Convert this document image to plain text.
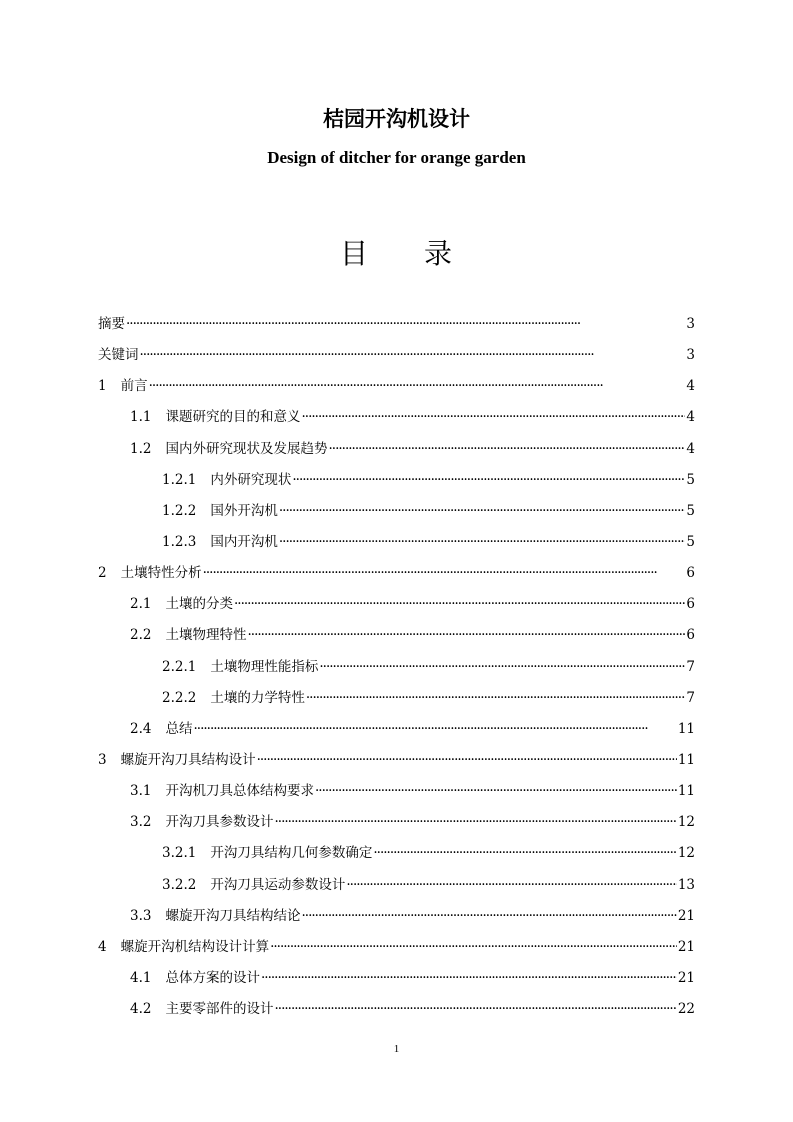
桔园开沟机设计
Design of ditcher for orange garden
目录
摘要 ·····	3
关键词 ·····	3
1 前言 ·····	4
1.1 课题研究的目的和意义 ·····	4
1.2 国内外研究现状及发展趋势 ·····	4
1.2.1 内外研究现状 ·····	5
1.2.2 国外开沟机 ·····	5
1.2.3 国内开沟机 ·····	5
2 土壤特性分析 ·····	6
2.1 土壤的分类 ·····	6
2.2 土壤物理特性 ·····	6
2.2.1 土壤物理性能指标 ·····	7
2.2.2 土壤的力学特性 ·····	7
2.4 总结 ·····	11
3 螺旋开沟刀具结构设计 ·····	11
3.1 开沟机刀具总体结构要求 ·····	11
3.2 开沟刀具参数设计 ·····	12
3.2.1 开沟刀具结构几何参数确定 ·····	12
3.2.2 开沟刀具运动参数设计 ·····	13
3.3 螺旋开沟刀具结构结论 ·····	21
4 螺旋开沟机结构设计计算 ·····	21
4.1 总体方案的设计 ·····	21
4.2 主要零部件的设计 ·····	22
1
